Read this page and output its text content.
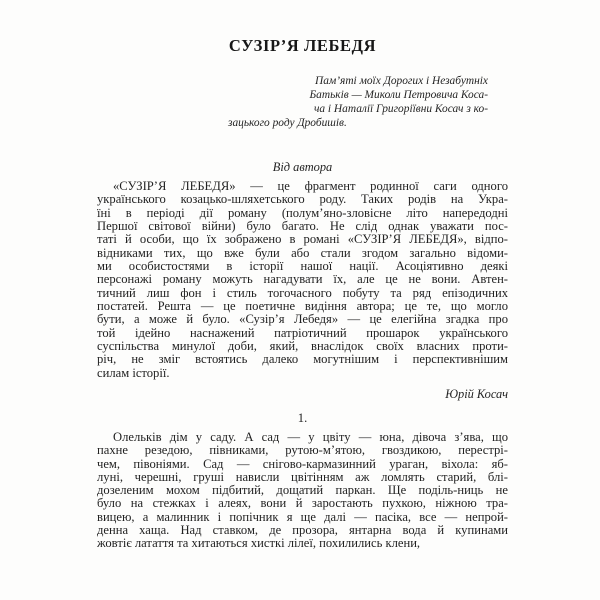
СУЗІР’Я ЛЕБЕДЯ
Пам’яті моїх Дорогих і Незабутніх
Батьків — Миколи Петровича Коса-
ча і Наталії Григоріївни Косач з ко-
зацького роду Дробишів.
Від автора
«СУЗІР’Я ЛЕБЕДЯ» — це фрагмент родинної саги одного
українського козацько-шляхетського роду. Таких родів на Укра-
їні в періоді дії роману (полум’яно-зловісне літо напередодні
Першої світової війни) було багато. Не слід однак уважати пос-
таті й особи, що їх зображено в романі «СУЗІР’Я ЛЕБЕДЯ», відпо-
відниками тих, що вже були або стали згодом загально відоми-
ми особистостями в історії нашої нації. Асоціятивно деякі
персонажі роману можуть нагадувати їх, але це не вони. Автен-
тичний лиш фон і стиль тогочасного побуту та ряд епізодичних
постатей. Решта — це поетичне видіння автора; це те, що могло
бути, а може й було. «Сузір’я Лебедя» — це елегійна згадка про
той ідейно наснажений патріотичний прошарок українського
суспільства минулої доби, який, внаслідок своїх власних проти-
річ, не зміг встоятись далеко могутнішим і перспективнішим
силам історії.
Юрій Косач
1.
Олельків дім у саду. А сад — у цвіту — юна, дівоча з’ява, що
пахне резедою, півниками, рутою-м’ятою, гвоздикою, перестрі-
чем, півоніями. Сад — снігово-кармазинний ураган, віхола: яб-
луні, черешні, груші нависли цвітінням аж ломлять старий, блі-
дозеленим мохом підбитий, дощатий паркан. Ще поділь-ниць не
було на стежках і алеях, вони й заростають пухкою, ніжною тра-
вицею, а малинник і попічник я ще далі — пасіка, все — непрой-
денна хаща. Над ставком, де прозора, янтарна вода й купинами
жовтіє латаття та хитаються хисткі лілеї, похилились клени,
